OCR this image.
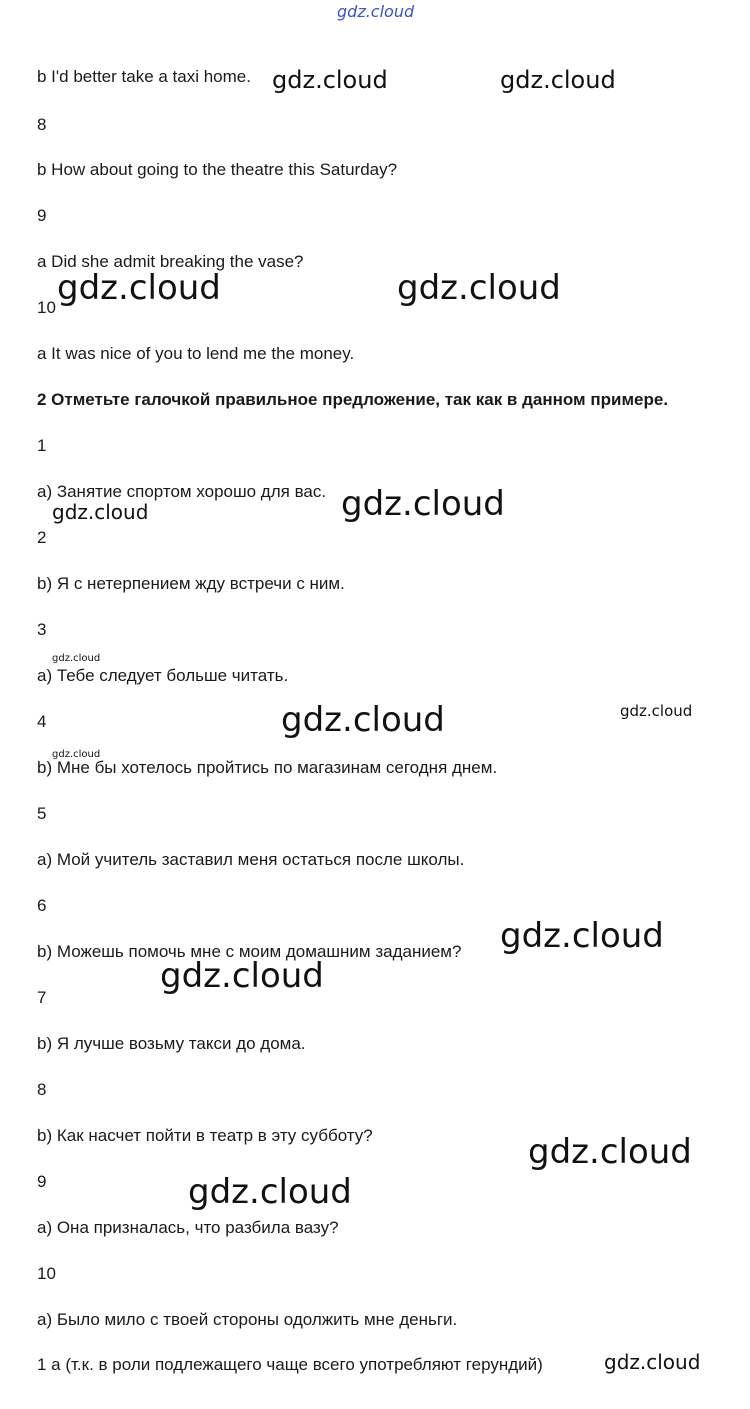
gdz.cloud
gdz.cloud	gdz.cloud
gdz.cloud	gdz.cloud
gdz.cloud
gdz.cloud
gdz.cloud
gdz.cloud	gdz.cloud
gdz.cloud
gdz.cloud
gdz.cloud
gdz.cloud
gdz.cloud
gdz.cloud
b I'd better take a taxi home.
8
b How about going to the theatre this Saturday?
9
a Did she admit breaking the vase?
10
a It was nice of you to lend me the money.
2 Отметьте галочкой правильное предложение, так как в данном примере.
1
a) Занятие спортом хорошо для вас.
2
b) Я с нетерпением жду встречи с ним.
3
a) Тебе следует больше читать.
4
b) Мне бы хотелось пройтись по магазинам сегодня днем.
5
a) Мой учитель заставил меня остаться после школы.
6
b) Можешь помочь мне с моим домашним заданием?
7
b) Я лучше возьму такси до дома.
8
b) Как насчет пойти в театр в эту субботу?
9
a) Она призналась, что разбила вазу?
10
a) Было мило с твоей стороны одолжить мне деньги.
1 a (т.к. в роли подлежащего чаще всего употребляют герундий)
